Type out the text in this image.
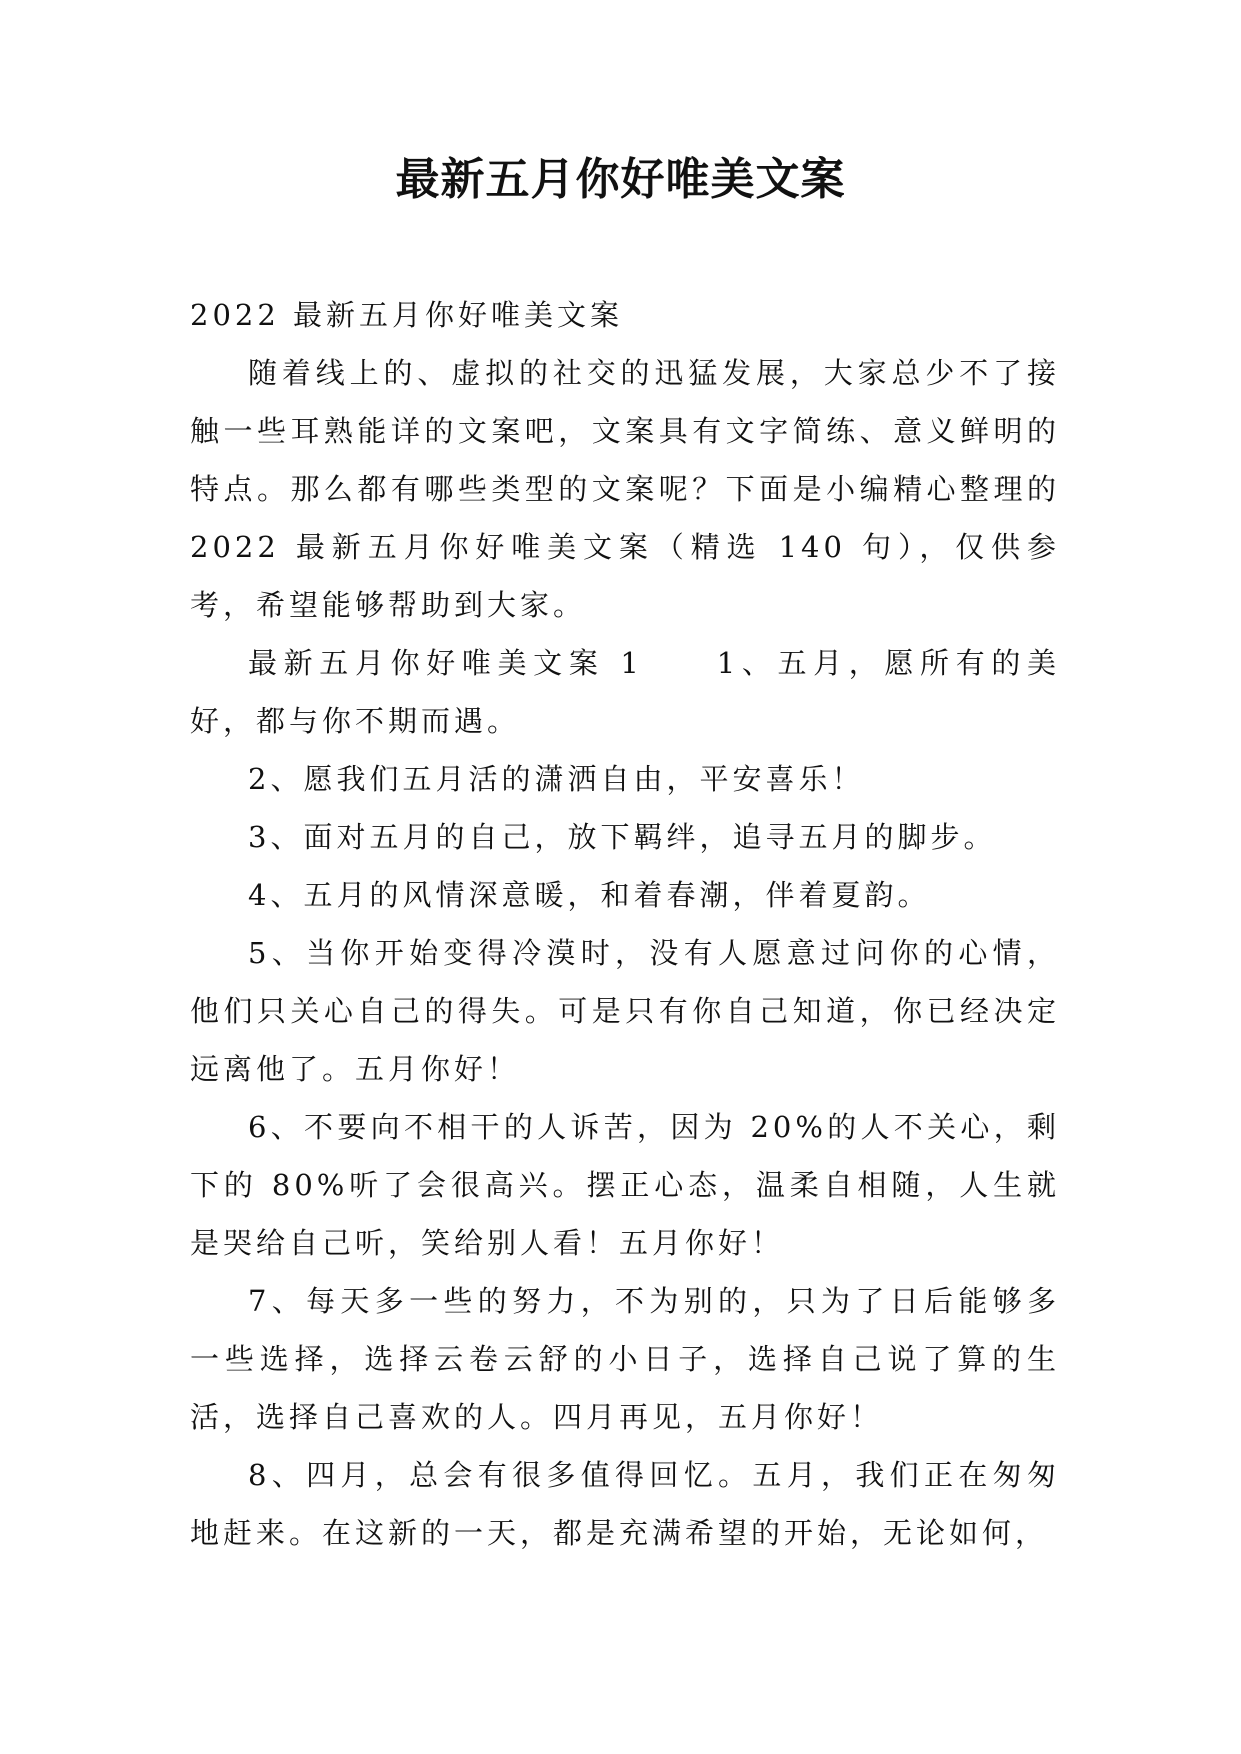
最新五月你好唯美文案

2022 最新五月你好唯美文案

随着线上的、虚拟的社交的迅猛发展，大家总少不了接触一些耳熟能详的文案吧，文案具有文字简练、意义鲜明的特点。那么都有哪些类型的文案呢？下面是小编精心整理的 2022 最新五月你好唯美文案（精选 140 句），仅供参考，希望能够帮助到大家。

最新五月你好唯美文案 1　　1、五月，愿所有的美好，都与你不期而遇。

2、愿我们五月活的潇洒自由，平安喜乐！

3、面对五月的自己，放下羁绊，追寻五月的脚步。

4、五月的风情深意暖，和着春潮，伴着夏韵。

5、当你开始变得冷漠时，没有人愿意过问你的心情，他们只关心自己的得失。可是只有你自己知道，你已经决定远离他了。五月你好！

6、不要向不相干的人诉苦，因为 20%的人不关心，剩下的 80%听了会很高兴。摆正心态，温柔自相随，人生就是哭给自己听，笑给别人看！五月你好！

7、每天多一些的努力，不为别的，只为了日后能够多一些选择，选择云卷云舒的小日子，选择自己说了算的生活，选择自己喜欢的人。四月再见，五月你好！

8、四月，总会有很多值得回忆。五月，我们正在匆匆地赶来。在这新的一天，都是充满希望的开始，无论如何，
